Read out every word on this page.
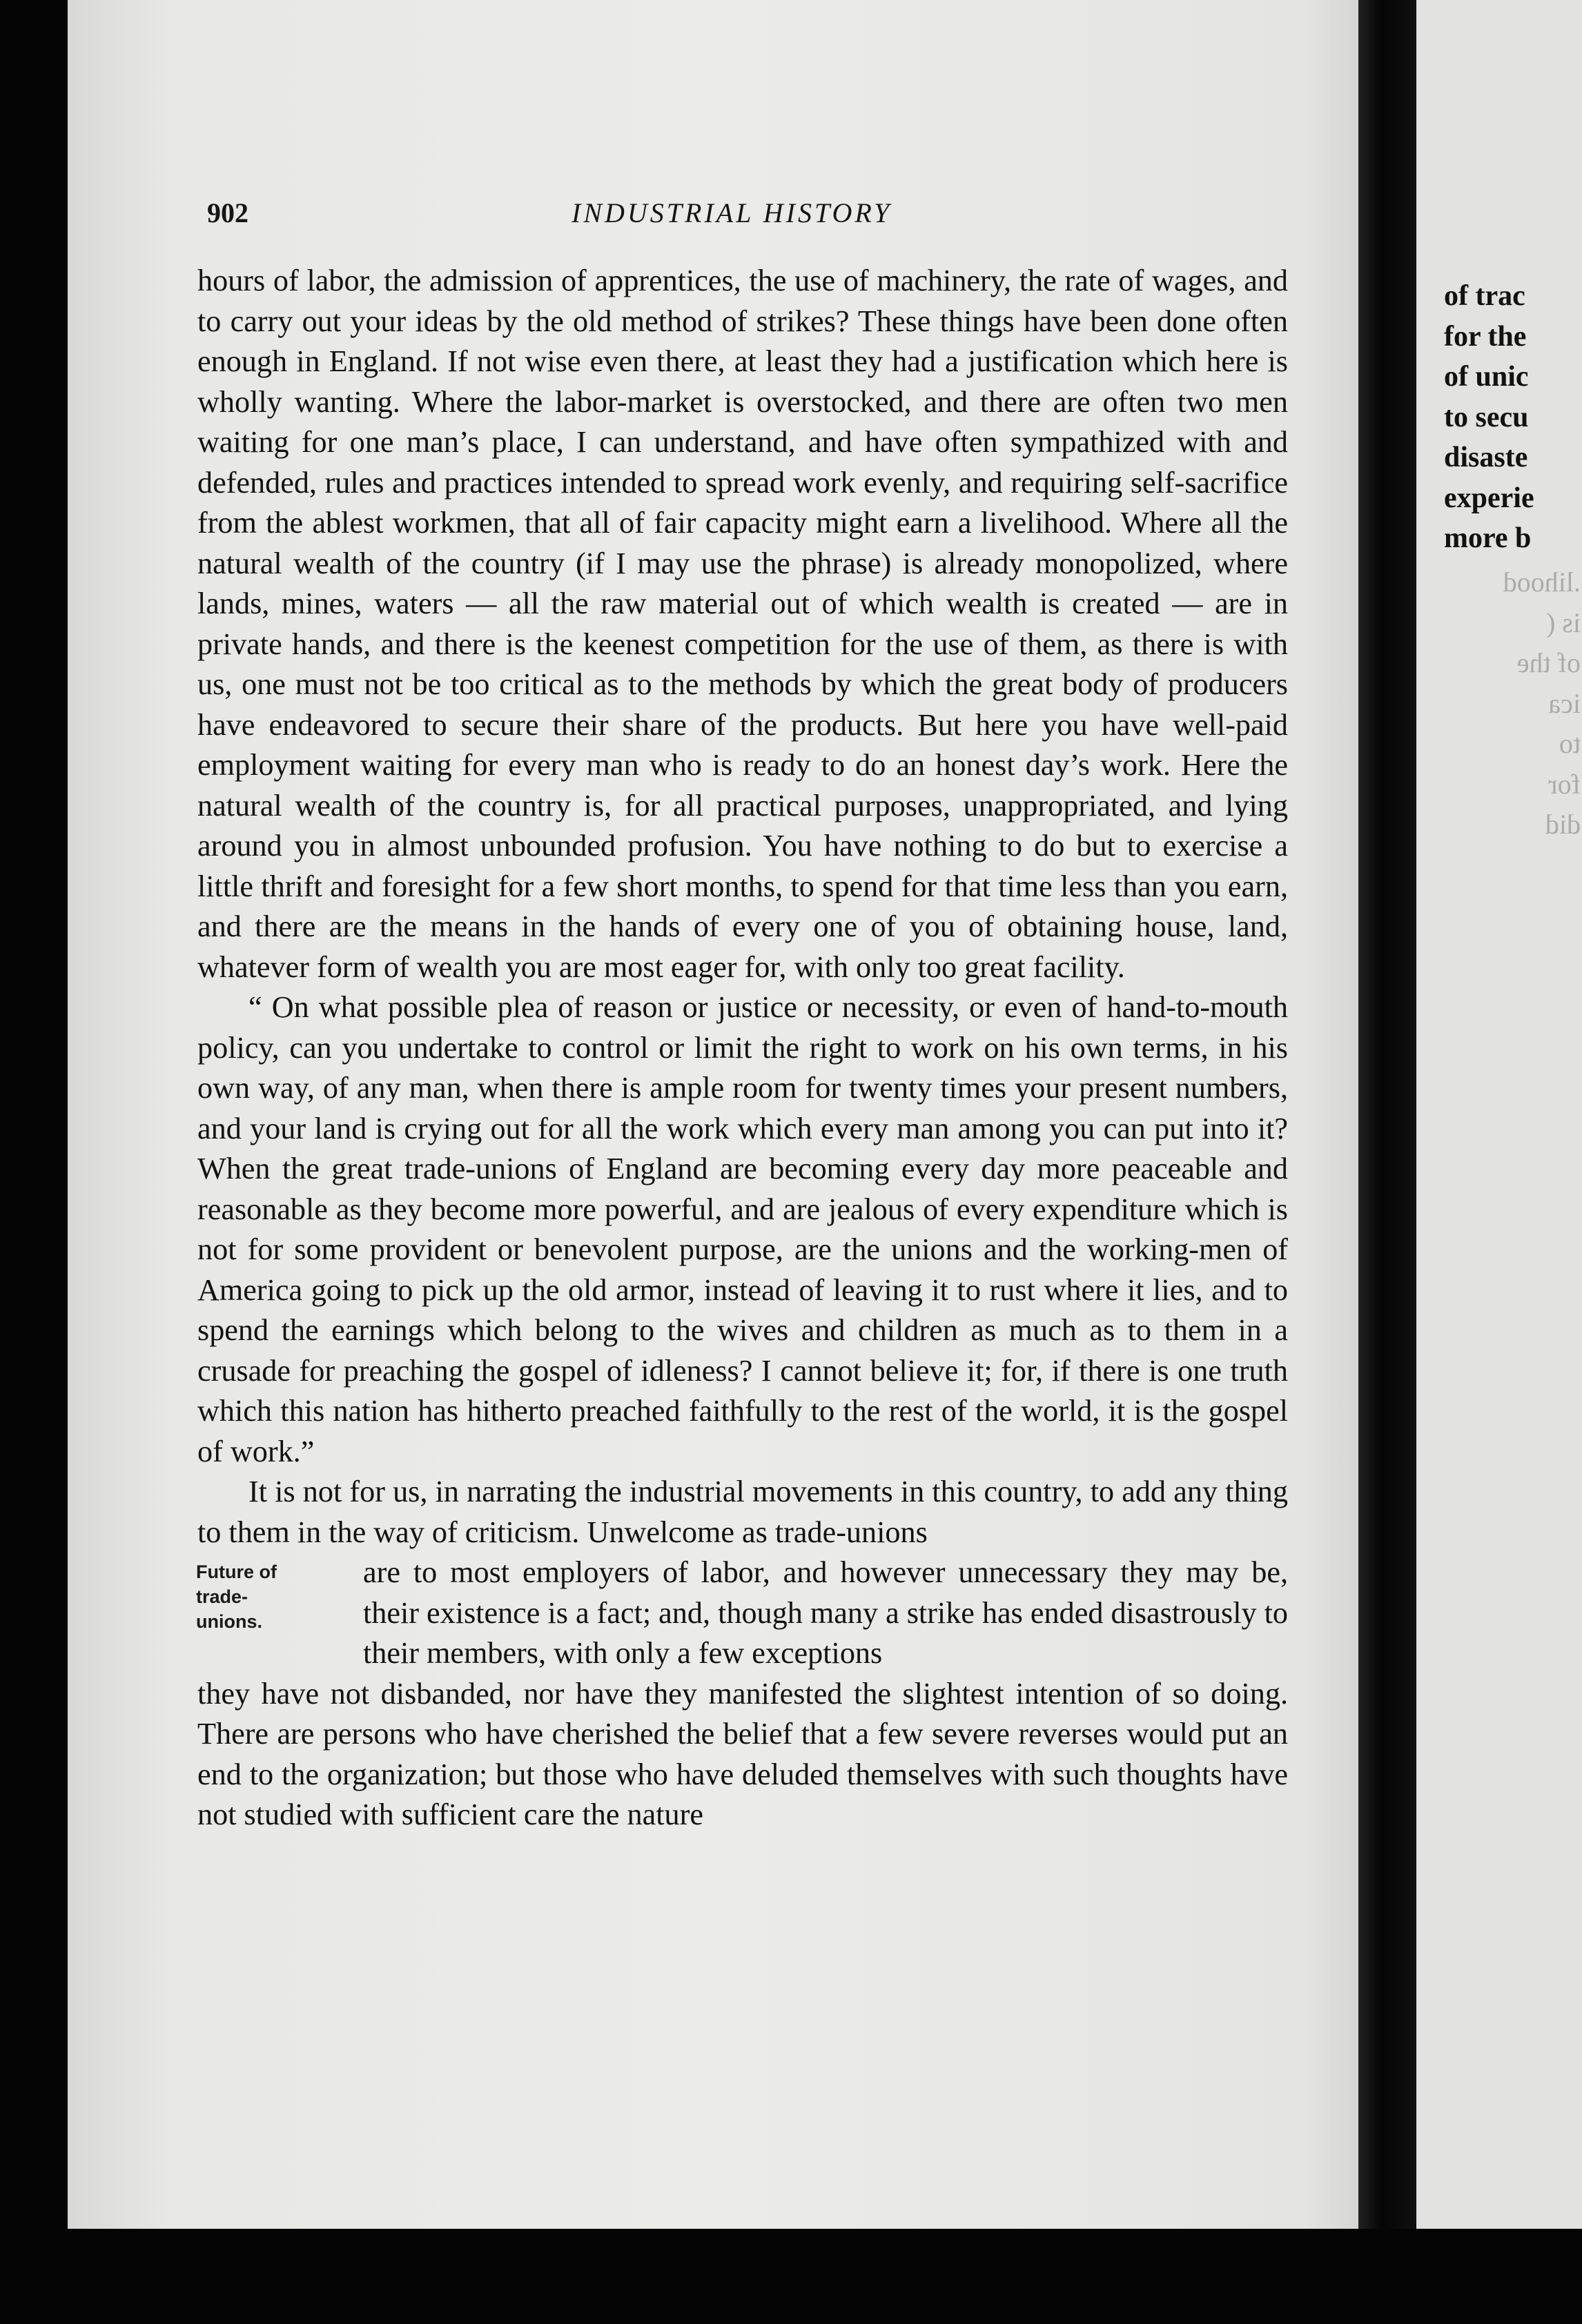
902	INDUSTRIAL HISTORY

hours of labor, the admission of apprentices, the use of machinery, the rate of wages, and to carry out your ideas by the old method of strikes? These things have been done often enough in England. If not wise even there, at least they had a justification which here is wholly wanting. Where the labor-market is overstocked, and there are often two men waiting for one man’s place, I can understand, and have often sympathized with and defended, rules and practices intended to spread work evenly, and requiring self-sacrifice from the ablest workmen, that all of fair capacity might earn a livelihood. Where all the natural wealth of the country (if I may use the phrase) is already monopolized, where lands, mines, waters — all the raw material out of which wealth is created — are in private hands, and there is the keenest competition for the use of them, as there is with us, one must not be too critical as to the methods by which the great body of producers have endeavored to secure their share of the products. But here you have well-paid employment waiting for every man who is ready to do an honest day’s work. Here the natural wealth of the country is, for all practical purposes, unappropriated, and lying around you in almost unbounded profusion. You have nothing to do but to exercise a little thrift and foresight for a few short months, to spend for that time less than you earn, and there are the means in the hands of every one of you of obtaining house, land, whatever form of wealth you are most eager for, with only too great facility.

“ On what possible plea of reason or justice or necessity, or even of hand-to-mouth policy, can you undertake to control or limit the right to work on his own terms, in his own way, of any man, when there is ample room for twenty times your present numbers, and your land is crying out for all the work which every man among you can put into it? When the great trade-unions of England are becoming every day more peaceable and reasonable as they become more powerful, and are jealous of every expenditure which is not for some provident or benevolent purpose, are the unions and the working-men of America going to pick up the old armor, instead of leaving it to rust where it lies, and to spend the earnings which belong to the wives and children as much as to them in a crusade for preaching the gospel of idleness? I cannot believe it; for, if there is one truth which this nation has hitherto preached faithfully to the rest of the world, it is the gospel of work.”

It is not for us, in narrating the industrial movements in this country, to add any thing to them in the way of criticism. Unwelcome as trade-unions

Future of
trade-
unions.

are to most employers of labor, and however unnecessary they may be, their existence is a fact; and, though many a strike has ended disastrously to their members, with only a few exceptions

they have not disbanded, nor have they manifested the slightest intention of so doing. There are persons who have cherished the belief that a few severe reverses would put an end to the organization; but those who have deluded themselves with such thoughts have not studied with sufficient care the nature

of trac
for the
of unic
to secu
disaste
experie
more b
.lihood
is (
of the
ica
to
for
did
